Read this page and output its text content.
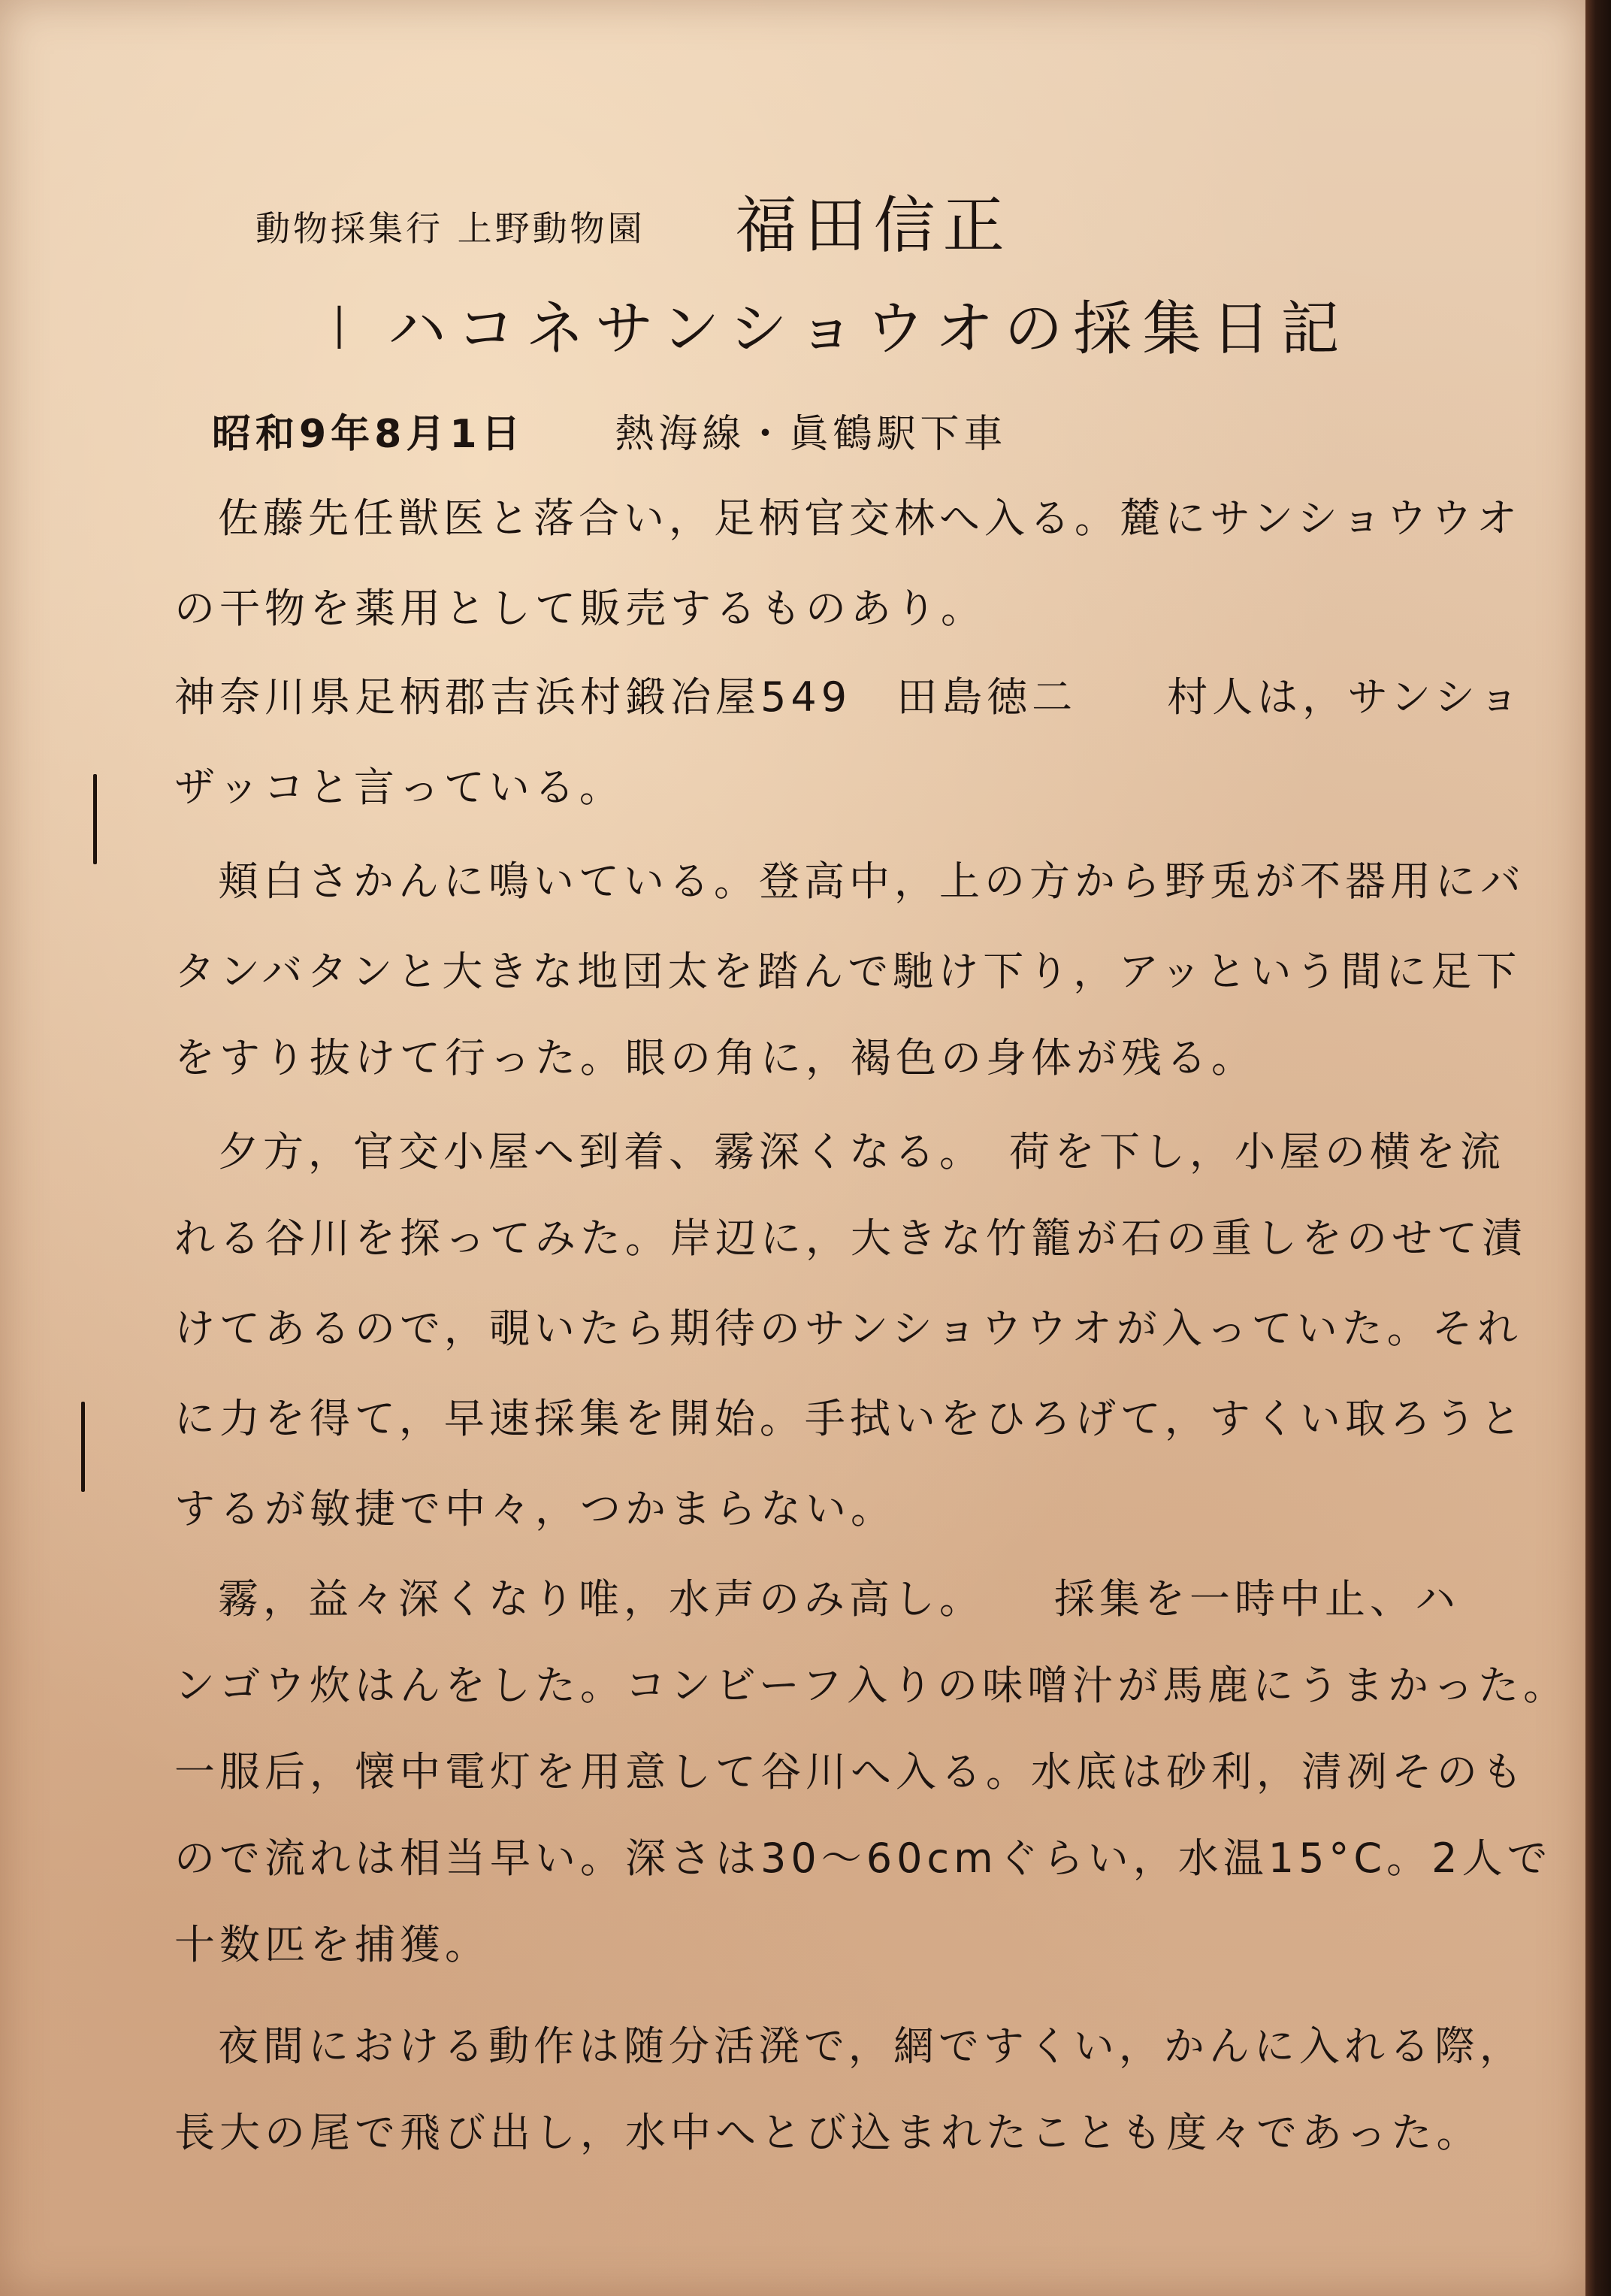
動物採集行 上野動物園 福田信正
Ⅰ ハコネサンショウオの採集日記
昭和9年8月1日 熱海線・眞鶴駅下車
佐藤先任獣医と落合い，足柄官交林へ入る。麓にサンショウウオ
の干物を薬用として販売するものあり。
神奈川県足柄郡吉浜村鍛冶屋549　田島徳二　　村人は，サンショ
ザッコと言っている。
頬白さかんに鳴いている。登高中，上の方から野兎が不器用にバ
タンバタンと大きな地団太を踏んで馳け下り，アッという間に足下
をすり抜けて行った。眼の角に，褐色の身体が残る。
夕方，官交小屋へ到着、霧深くなる。　荷を下し，小屋の横を流
れる谷川を探ってみた。岸辺に，大きな竹籠が石の重しをのせて漬
けてあるので，覗いたら期待のサンショウウオが入っていた。それ
に力を得て，早速採集を開始。手拭いをひろげて，すくい取ろうと
するが敏捷で中々，つかまらない。
霧，益々深くなり唯，水声のみ高し。　　採集を一時中止、ハ
ンゴウ炊はんをした。コンビーフ入りの味噌汁が馬鹿にうまかった。
一服后，懐中電灯を用意して谷川へ入る。水底は砂利，清冽そのも
ので流れは相当早い。深さは30～60cmぐらい，水温15°C。2人で
十数匹を捕獲。
夜間における動作は随分活溌で，網ですくい，かんに入れる際，
長大の尾で飛び出し，水中へとび込まれたことも度々であった。
